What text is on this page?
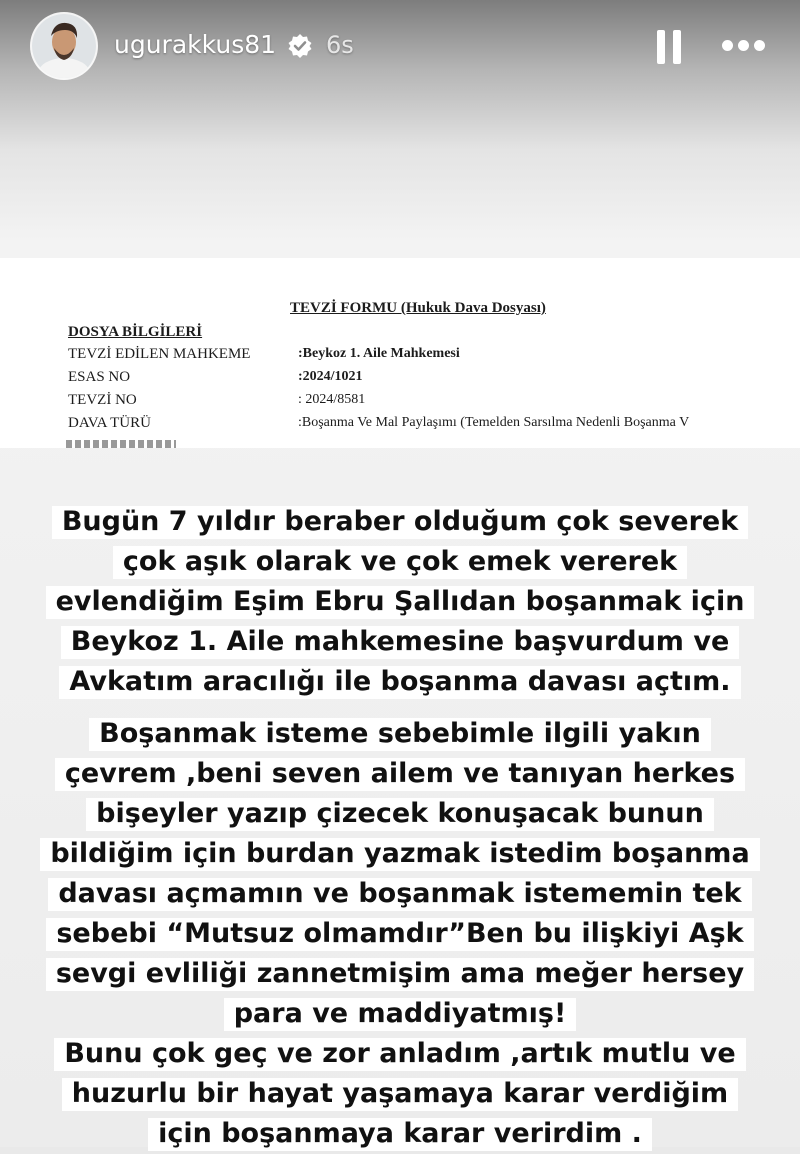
ugurakkus81 6s
TEVZİ FORMU (Hukuk Dava Dosyası)
DOSYA BİLGİLERİ
TEVZİ EDİLEN MAHKEME	:Beykoz 1. Aile Mahkemesi
ESAS NO	:2024/1021
TEVZİ NO	: 2024/8581
DAVA TÜRÜ	:Boşanma Ve Mal Paylaşımı (Temelden Sarsılma Nedenli Boşanma V
Bugün 7 yıldır beraber olduğum çok severek
çok aşık olarak ve çok emek vererek
evlendiğim Eşim Ebru Şallıdan boşanmak için
Beykoz 1. Aile mahkemesine başvurdum ve
Avkatım aracılığı ile boşanma davası açtım.
Boşanmak isteme sebebimle ilgili yakın
çevrem ,beni seven ailem ve tanıyan herkes
bişeyler yazıp çizecek konuşacak bunun
bildiğim için burdan yazmak istedim boşanma
davası açmamın ve boşanmak istememin tek
sebebi “Mutsuz olmamdır”Ben bu ilişkiyi Aşk
sevgi evliliği zannetmişim ama meğer hersey
para ve maddiyatmış!
Bunu çok geç ve zor anladım ,artık mutlu ve
huzurlu bir hayat yaşamaya karar verdiğim
için boşanmaya karar verirdim .
